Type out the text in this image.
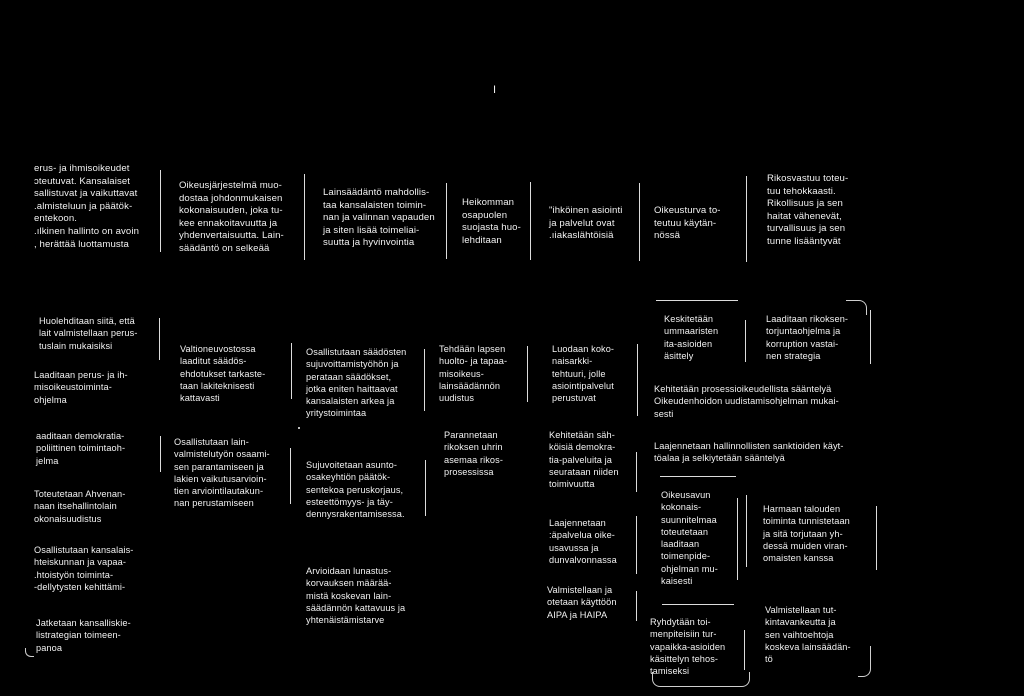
I
erus- ja ihmisoikeudet
ɔteutuvat. Kansalaiset
sallistuvat ja vaikuttavat
.almisteluun ja päätök-
entekoon.
.ılkinen hallinto on avoin
, herättää luottamusta
Oikeusjärjestelmä muo-
dostaa johdonmukaisen
kokonaisuuden, joka tu-
kee ennakoitavuutta ja
yhdenvertaisuutta. Lain-
säädäntö on selkeää
Lainsäädäntö mahdollis-
taa kansalaisten toimin-
nan ja valinnan vapauden
ja siten lisää toimeliai-
suutta ja hyvinvointia
Heikomman
osapuolen
suojasta huo-
lehditaan
"ihköinen asiointi
ja palvelut ovat
.ıiakaslähtöisiä
Oikeusturva to-
teutuu käytän-
nössä
Rikosvastuu toteu-
tuu tehokkaasti.
Rikollisuus ja sen
haitat vähenevät,
turvallisuus ja sen
tunne lisääntyvät
Huolehditaan siitä, että
lait valmistellaan perus-
tuslain mukaisiksi
Laaditaan perus- ja ih-
misoikeustoiminta-
ohjelma
aaditaan demokratia-
poliittinen toimintaoh-
jelma
Toteutetaan Ahvenan-
naan itsehallintolain
okonaisuudistus
Osallistutaan kansalais-
hteiskunnan ja vapaa-
.htoistyön toiminta-
-dellytysten kehittämi-
Jatketaan kansalliskie-
listrategian toimeen-
panoa
Valtioneuvostossa
laaditut säädös-
ehdotukset tarkaste-
taan lakiteknisesti
kattavasti
Osallistutaan lain-
valmistelutyön osaami-
sen parantamiseen ja
lakien vaikutusarvioin-
tien arviointilautakun-
nan perustamiseen
Osallistutaan säädösten
sujuvoittamistyöhön ja
perataan säädökset,
jotka eniten haittaavat
kansalaisten arkea ja
yritystoimintaa
Sujuvoitetaan asunto-
osakeyhtiön päätök-
sentekoa peruskorjaus,
esteettömyys- ja täy-
dennysrakentamisessa.
Arvioidaan lunastus-
korvauksen määrää-
mistä koskevan lain-
säädännön kattavuus ja
yhtenäistämistarve
Tehdään lapsen
huolto- ja tapaa-
misoikeus-
lainsäädännön
uudistus
Parannetaan
rikoksen uhrin
asemaa rikos-
prosessissa
Luodaan koko-
naisarkki-
tehtuuri, jolle
asiointipalvelut
perustuvat
Kehitetään säh-
köisiä demokra-
tia-palveluita ja
seurataan niiden
toimivuutta
Laajennetaan
:äpalvelua oike-
usavussa ja
dunvalvonnassa
Valmistellaan ja
otetaan käyttöön
AIPA ja HAIPA
Keskitetään
ummaaristen
ita-asioiden
äsittely
Kehitetään prosessioikeudellista sääntelyä
Oikeudenhoidon uudistamisohjelman mukai-
sesti
Laajennetaan hallinnollisten sanktioiden käyt-
töalaa ja selkiytetään sääntelyä
Oikeusavun
kokonais-
suunnitelmaa
toteutetaan
laaditaan
toimenpide-
ohjelman mu-
kaisesti
Ryhdytään toi-
menpiteisiin tur-
vapaikka-asioiden
käsittelyn tehos-
tamiseksi
Laaditaan rikoksen-
torjuntaohjelma ja
korruption vastai-
nen strategia
Harmaan talouden
toiminta tunnistetaan
ja sitä torjutaan yh-
dessä muiden viran-
omaisten kanssa
Valmistellaan tut-
kintavankeutta ja
sen vaihtoehtoja
koskeva lainsäädän-
tö
